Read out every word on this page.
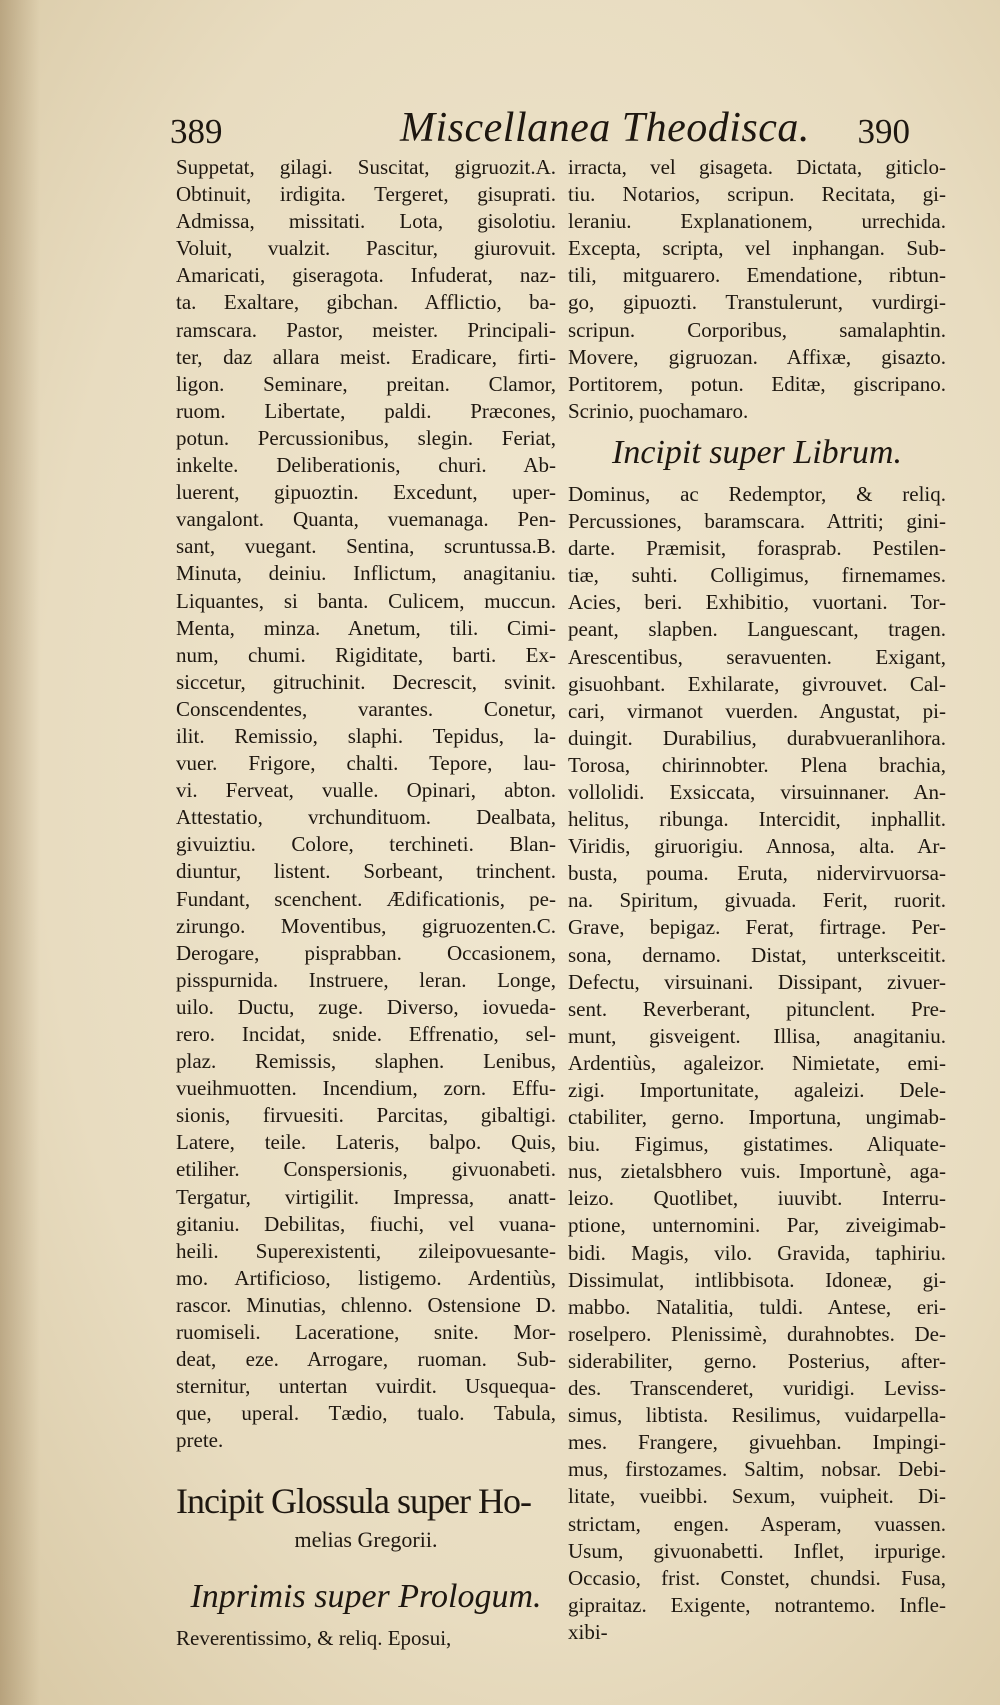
389	Miscellanea Theodisca. 390
Suppetat, gilagi. Suscitat, gigruozit.A.
Obtinuit, irdigita. Tergeret, gisuprati.
Admissa, missitati. Lota, gisolotiu.
Voluit, vualzit. Pascitur, giurovuit.
Amaricati, giseragota. Infuderat, naz-
ta. Exaltare, gibchan. Afflictio, ba-
ramscara. Pastor, meister. Principali-
ter, daz allara meist. Eradicare, firti-
ligon. Seminare, preitan. Clamor,
ruom. Libertate, paldi. Præcones,
potun. Percussionibus, slegin. Feriat,
inkelte. Deliberationis, churi. Ab-
luerent, gipuoztin. Excedunt, uper-
vangalont. Quanta, vuemanaga. Pen-
sant, vuegant. Sentina, scruntussa.B.
Minuta, deiniu. Inflictum, anagitaniu.
Liquantes, si banta. Culicem, muccun.
Menta, minza. Anetum, tili. Cimi-
num, chumi. Rigiditate, barti. Ex-
siccetur, gitruchinit. Decrescit, svinit.
Conscendentes, varantes. Conetur,
ilit. Remissio, slaphi. Tepidus, la-
vuer. Frigore, chalti. Tepore, lau-
vi. Ferveat, vualle. Opinari, abton.
Attestatio, vrchundituom. Dealbata,
givuiztiu. Colore, terchineti. Blan-
diuntur, listent. Sorbeant, trinchent.
Fundant, scenchent. Ædificationis, pe-
zirungo. Moventibus, gigruozenten.C.
Derogare, pisprabban. Occasionem,
pisspurnida. Instruere, leran. Longe,
uilo. Ductu, zuge. Diverso, iovueda-
rero. Incidat, snide. Effrenatio, sel-
plaz. Remissis, slaphen. Lenibus,
vueihmuotten. Incendium, zorn. Effu-
sionis, firvuesiti. Parcitas, gibaltigi.
Latere, teile. Lateris, balpo. Quis,
etiliher. Conspersionis, givuonabeti.
Tergatur, virtigilit. Impressa, anatt-
gitaniu. Debilitas, fiuchi, vel vuana-
heili. Superexistenti, zileipovuesante-
mo. Artificioso, listigemo. Ardentiùs,
rascor. Minutias, chlenno. Ostensione D.
ruomiseli. Laceratione, snite. Mor-
deat, eze. Arrogare, ruoman. Sub-
sternitur, untertan vuirdit. Usquequa-
que, uperal. Tædio, tualo. Tabula,
prete.
Incipit Glossula super Ho-
melias Gregorii.
Inprimis super Prologum.
Reverentissimo, & reliq. Eposui,
irracta, vel gisageta. Dictata, giticlo-
tiu. Notarios, scripun. Recitata, gi-
leraniu. Explanationem, urrechida.
Excepta, scripta, vel inphangan. Sub-
tili, mitguarero. Emendatione, ribtun-
go, gipuozti. Transtulerunt, vurdirgi-
scripun. Corporibus, samalaphtin.
Movere, gigruozan. Affixæ, gisazto.
Portitorem, potun. Editæ, giscripano.
Scrinio, puochamaro.
Incipit super Librum.
Dominus, ac Redemptor, & reliq.
Percussiones, baramscara. Attriti; gini-
darte. Præmisit, forasprab. Pestilen-
tiæ, suhti. Colligimus, firnemames.
Acies, beri. Exhibitio, vuortani. Tor-
peant, slapben. Languescant, tragen.
Arescentibus, seravuenten. Exigant,
gisuohbant. Exhilarate, givrouvet. Cal-
cari, virmanot vuerden. Angustat, pi-
duingit. Durabilius, durabvueranlihora.
Torosa, chirinnobter. Plena brachia,
vollolidi. Exsiccata, virsuinnaner. An-
helitus, ribunga. Intercidit, inphallit.
Viridis, giruorigiu. Annosa, alta. Ar-
busta, pouma. Eruta, nidervirvuorsa-
na. Spiritum, givuada. Ferit, ruorit.
Grave, bepigaz. Ferat, firtrage. Per-
sona, dernamo. Distat, unterksceitit.
Defectu, virsuinani. Dissipant, zivuer-
sent. Reverberant, pitunclent. Pre-
munt, gisveigent. Illisa, anagitaniu.
Ardentiùs, agaleizor. Nimietate, emi-
zigi. Importunitate, agaleizi. Dele-
ctabiliter, gerno. Importuna, ungimab-
biu. Figimus, gistatimes. Aliquate-
nus, zietalsbhero vuis. Importunè, aga-
leizo. Quotlibet, iuuvibt. Interru-
ptione, unternomini. Par, ziveigimab-
bidi. Magis, vilo. Gravida, taphiriu.
Dissimulat, intlibbisota. Idoneæ, gi-
mabbo. Natalitia, tuldi. Antese, eri-
roselpero. Plenissimè, durahnobtes. De-
siderabiliter, gerno. Posterius, after-
des. Transcenderet, vuridigi. Leviss-
simus, libtista. Resilimus, vuidarpella-
mes. Frangere, givuehban. Impingi-
mus, firstozames. Saltim, nobsar. Debi-
litate, vueibbi. Sexum, vuipheit. Di-
strictam, engen. Asperam, vuassen.
Usum, givuonabetti. Inflet, irpurige.
Occasio, frist. Constet, chundsi. Fusa,
gipraitaz. Exigente, notrantemo. Infle-
xibi-
